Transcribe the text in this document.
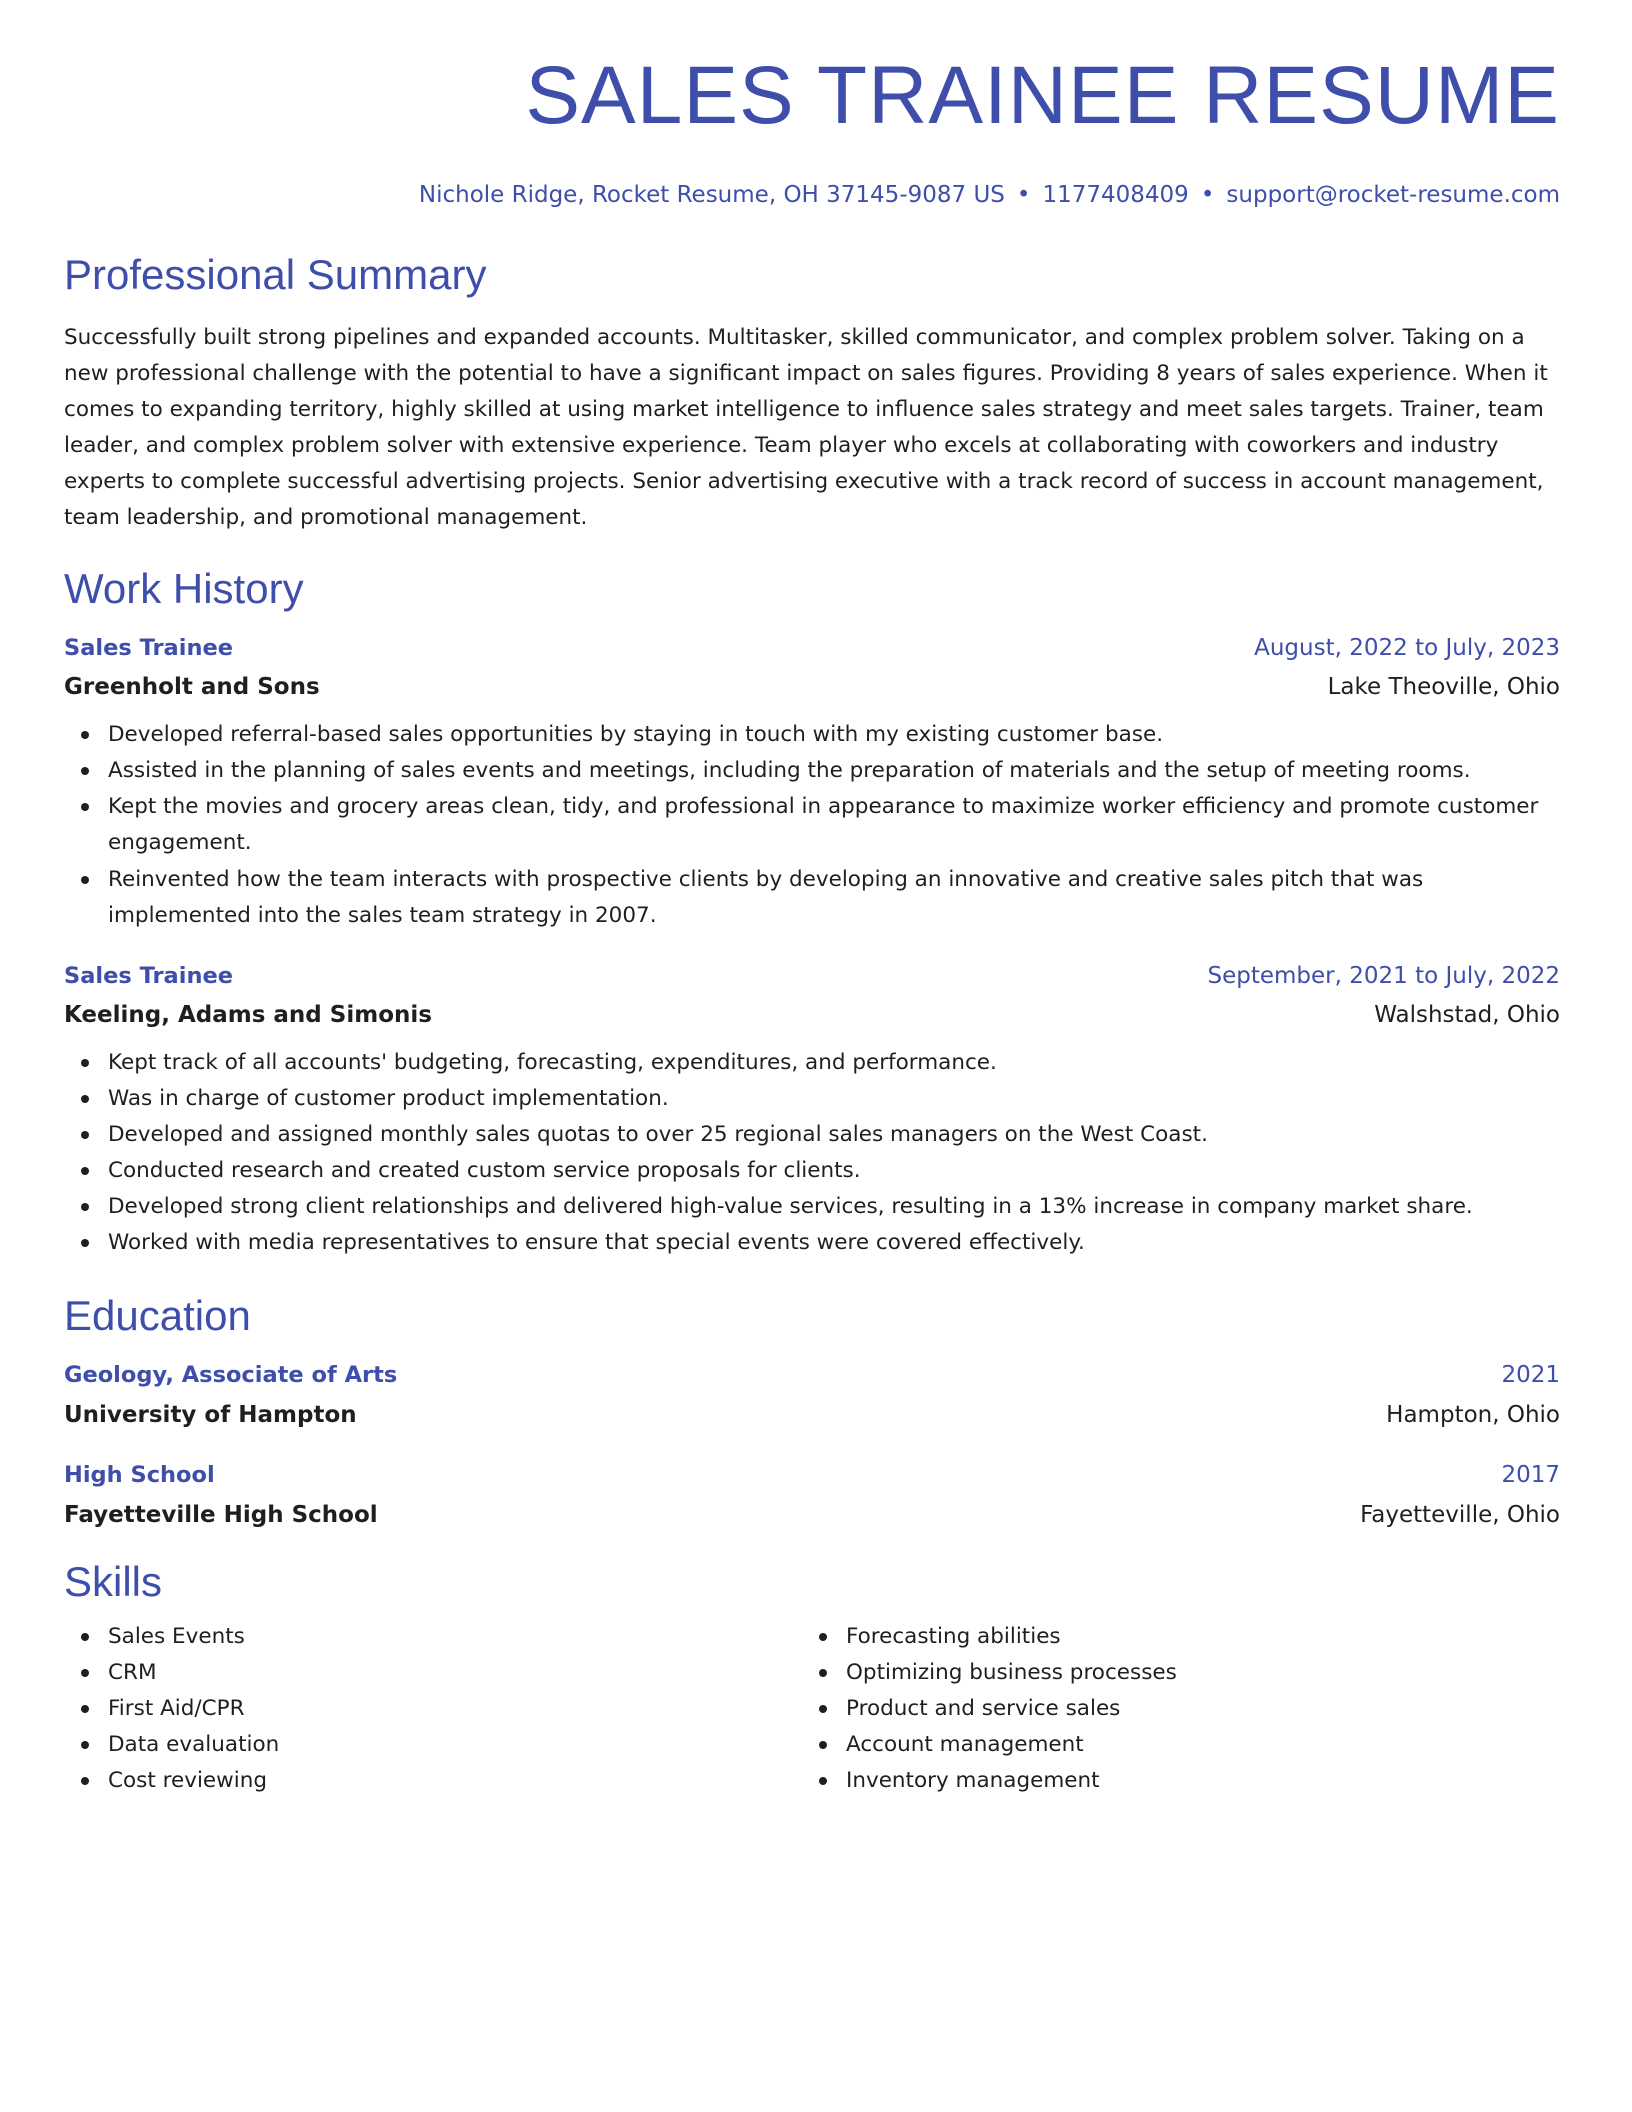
SALES TRAINEE RESUME
Nichole Ridge, Rocket Resume, OH 37145-9087 US • 1177408409 • support@rocket-resume.com
Professional Summary

Successfully built strong pipelines and expanded accounts. Multitasker, skilled communicator, and complex problem solver. Taking on a new professional challenge with the potential to have a significant impact on sales figures. Providing 8 years of sales experience. When it comes to expanding territory, highly skilled at using market intelligence to influence sales strategy and meet sales targets. Trainer, team leader, and complex problem solver with extensive experience. Team player who excels at collaborating with coworkers and industry experts to complete successful advertising projects. Senior advertising executive with a track record of success in account management, team leadership, and promotional management.

Work History
Sales Trainee	August, 2022 to July, 2023
Greenholt and Sons	Lake Theoville, Ohio
Developed referral-based sales opportunities by staying in touch with my existing customer base.
Assisted in the planning of sales events and meetings, including the preparation of materials and the setup of meeting rooms.
Kept the movies and grocery areas clean, tidy, and professional in appearance to maximize worker efficiency and promote customer engagement.
Reinvented how the team interacts with prospective clients by developing an innovative and creative sales pitch that was implemented into the sales team strategy in 2007.
Sales Trainee	September, 2021 to July, 2022
Keeling, Adams and Simonis	Walshstad, Ohio
Kept track of all accounts' budgeting, forecasting, expenditures, and performance.
Was in charge of customer product implementation.
Developed and assigned monthly sales quotas to over 25 regional sales managers on the West Coast.
Conducted research and created custom service proposals for clients.
Developed strong client relationships and delivered high-value services, resulting in a 13% increase in company market share.
Worked with media representatives to ensure that special events were covered effectively.
Education
Geology, Associate of Arts	2021
University of Hampton	Hampton, Ohio
High School	2017
Fayetteville High School	Fayetteville, Ohio
Skills
Sales Events
CRM
First Aid/CPR
Data evaluation
Cost reviewing
Forecasting abilities
Optimizing business processes
Product and service sales
Account management
Inventory management
